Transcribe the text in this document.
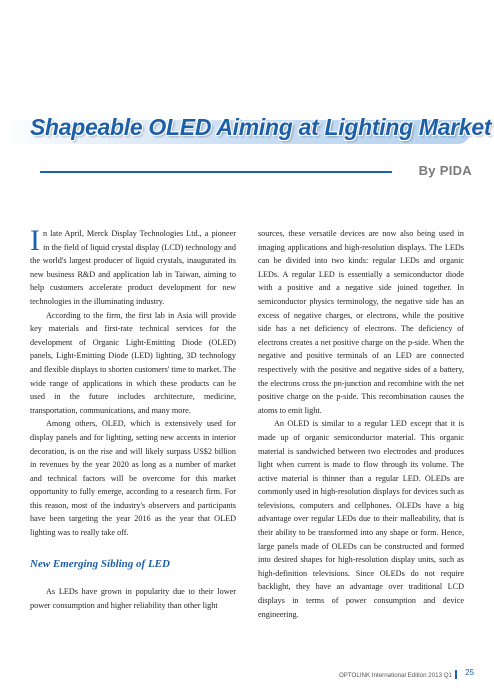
Shapeable OLED Aiming at Lighting Market
By PIDA

In late April, Merck Display Technologies Ltd., a pioneer in the field of liquid crystal display (LCD) technology and the world's largest producer of liquid crystals, inaugurated its new business R&D and application lab in Taiwan, aiming to help customers accelerate product development for new technologies in the illuminating industry.

According to the firm, the first lab in Asia will provide key materials and first-rate technical services for the development of Organic Light-Emitting Diode (OLED) panels, Light-Emitting Diode (LED) lighting, 3D technology and flexible displays to shorten customers' time to market. The wide range of applications in which these products can be used in the future includes architecture, medicine, transportation, communications, and many more.

Among others, OLED, which is extensively used for display panels and for lighting, setting new accents in interior decoration, is on the rise and will likely surpass US$2 billion in revenues by the year 2020 as long as a number of market and technical factors will be overcome for this market opportunity to fully emerge, according to a research firm. For this reason, most of the industry's observers and participants have been targeting the year 2016 as the year that OLED lighting was to really take off.

New Emerging Sibling of LED

As LEDs have grown in popularity due to their lower power consumption and higher reliability than other light

sources, these versatile devices are now also being used in imaging applications and high-resolution displays. The LEDs can be divided into two kinds: regular LEDs and organic LEDs. A regular LED is essentially a semiconductor diode with a positive and a negative side joined together. In semiconductor physics terminology, the negative side has an excess of negative charges, or electrons, while the positive side has a net deficiency of electrons. The deficiency of electrons creates a net positive charge on the p-side. When the negative and positive terminals of an LED are connected respectively with the positive and negative sides of a battery, the electrons cross the pn-junction and recombine with the net positive charge on the p-side. This recombination causes the atoms to emit light.

An OLED is similar to a regular LED except that it is made up of organic semiconductor material. This organic material is sandwiched between two electrodes and produces light when current is made to flow through its volume. The active material is thinner than a regular LED. OLEDs are commonly used in high-resolution displays for devices such as televisions, computers and cellphones. OLEDs have a big advantage over regular LEDs due to their malleability, that is their ability to be transformed into any shape or form. Hence, large panels made of OLEDs can be constructed and formed into desired shapes for high-resolution display units, such as high-definition televisions. Since OLEDs do not require backlight, they have an advantage over traditional LCD displays in terms of power consumption and device engineering.

OPTOLINK International Edition 2013 Q1	25
